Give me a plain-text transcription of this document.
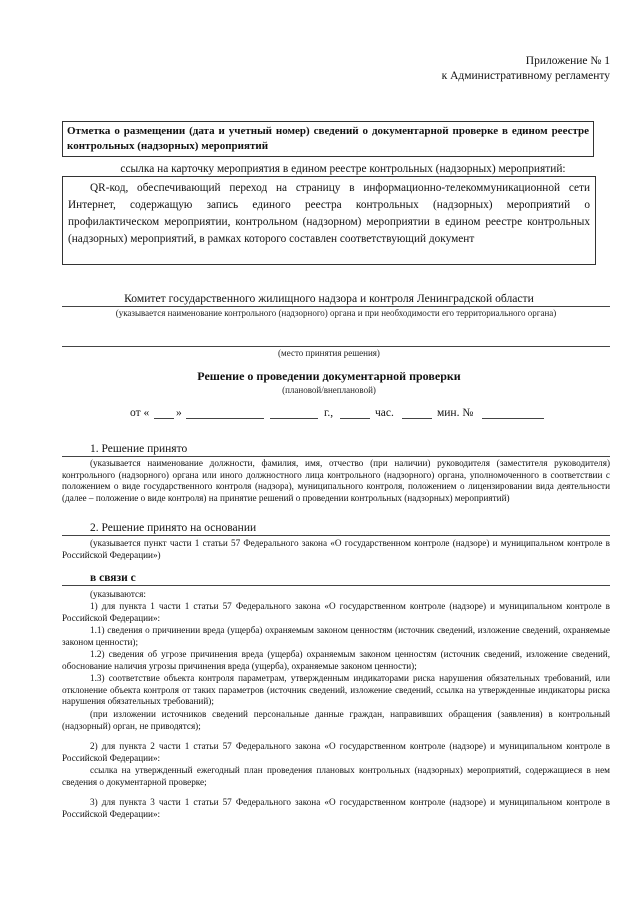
Приложение № 1
к Административному регламенту
Отметка о размещении (дата и учетный номер) сведений о документарной проверке в едином реестре контрольных (надзорных) мероприятий
ссылка на карточку мероприятия в едином реестре контрольных (надзорных) мероприятий:
QR-код, обеспечивающий переход на страницу в информационно-телекоммуникационной сети Интернет, содержащую запись единого реестра контрольных (надзорных) мероприятий о профилактическом мероприятии, контрольном (надзорном) мероприятии в едином реестре контрольных (надзорных) мероприятий, в рамках которого составлен соответствующий документ
Комитет государственного жилищного надзора и контроля Ленинградской области
(указывается наименование контрольного (надзорного) органа и при необходимости его территориального органа)
(место принятия решения)
Решение о проведении документарной проверки
(плановой/внеплановой)
от « »	г.,	час.	мин. №
1. Решение принято
(указывается наименование должности, фамилия, имя, отчество (при наличии) руководителя (заместителя руководителя) контрольного (надзорного) органа или иного должностного лица контрольного (надзорного) органа, уполномоченного в соответствии с положением о виде государственного контроля (надзора), муниципального контроля, положением о лицензировании вида деятельности (далее – положение о виде контроля) на принятие решений о проведении контрольных (надзорных) мероприятий)
2. Решение принято на основании
(указывается пункт части 1 статьи 57 Федерального закона «О государственном контроле (надзоре) и муниципальном контроле в Российской Федерации»)
в связи с
(указываются:
1) для пункта 1 части 1 статьи 57 Федерального закона «О государственном контроле (надзоре) и муниципальном контроле в Российской Федерации»:
1.1) сведения о причинении вреда (ущерба) охраняемым законом ценностям (источник сведений, изложение сведений, охраняемые законом ценности);
1.2) сведения об угрозе причинения вреда (ущерба) охраняемым законом ценностям (источник сведений, изложение сведений, обоснование наличия угрозы причинения вреда (ущерба), охраняемые законом ценности);
1.3) соответствие объекта контроля параметрам, утвержденным индикаторами риска нарушения обязательных требований, или отклонение объекта контроля от таких параметров (источник сведений, изложение сведений, ссылка на утвержденные индикаторы риска нарушения обязательных требований);
(при изложении источников сведений персональные данные граждан, направивших обращения (заявления) в контрольный (надзорный) орган, не приводятся);
2) для пункта 2 части 1 статьи 57 Федерального закона «О государственном контроле (надзоре) и муниципальном контроле в Российской Федерации»:
ссылка на утвержденный ежегодный план проведения плановых контрольных (надзорных) мероприятий, содержащиеся в нем сведения о документарной проверке;
3) для пункта 3 части 1 статьи 57 Федерального закона «О государственном контроле (надзоре) и муниципальном контроле в Российской Федерации»:
